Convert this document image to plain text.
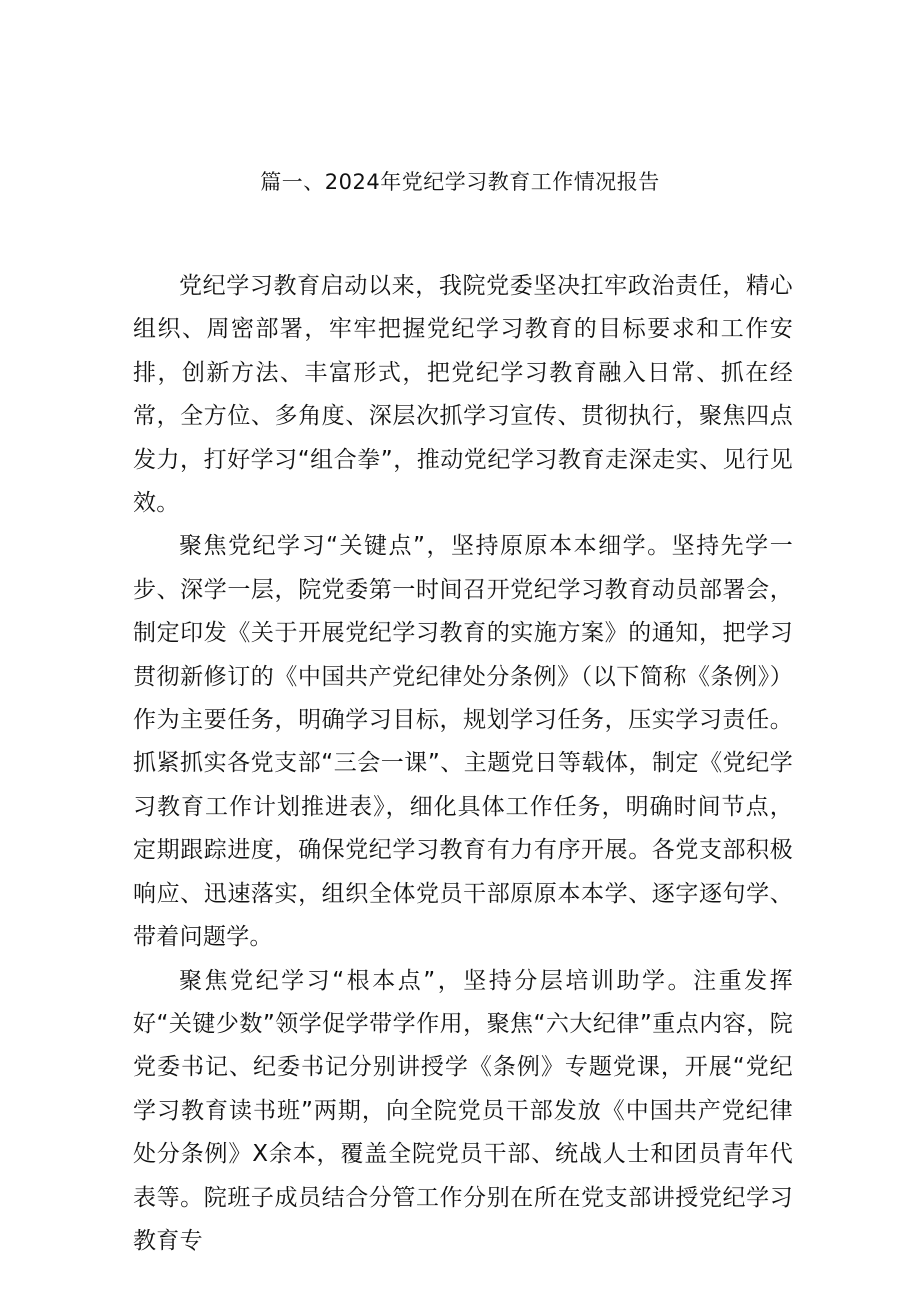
篇一、2024年党纪学习教育工作情况报告

党纪学习教育启动以来，我院党委坚决扛牢政治责任，精心组织、周密部署，牢牢把握党纪学习教育的目标要求和工作安排，创新方法、丰富形式，把党纪学习教育融入日常、抓在经常，全方位、多角度、深层次抓学习宣传、贯彻执行，聚焦四点发力，打好学习“组合拳”，推动党纪学习教育走深走实、见行见效。

聚焦党纪学习“关键点”，坚持原原本本细学。坚持先学一步、深学一层，院党委第一时间召开党纪学习教育动员部署会，制定印发《关于开展党纪学习教育的实施方案》的通知，把学习贯彻新修订的《中国共产党纪律处分条例》（以下简称《条例》）作为主要任务，明确学习目标，规划学习任务，压实学习责任。抓紧抓实各党支部“三会一课”、主题党日等载体，制定《党纪学习教育工作计划推进表》，细化具体工作任务，明确时间节点，定期跟踪进度，确保党纪学习教育有力有序开展。各党支部积极响应、迅速落实，组织全体党员干部原原本本学、逐字逐句学、带着问题学。

聚焦党纪学习“根本点”，坚持分层培训助学。注重发挥好“关键少数”领学促学带学作用，聚焦“六大纪律”重点内容，院党委书记、纪委书记分别讲授学《条例》专题党课，开展“党纪学习教育读书班”两期，向全院党员干部发放《中国共产党纪律处分条例》X余本，覆盖全院党员干部、统战人士和团员青年代表等。院班子成员结合分管工作分别在所在党支部讲授党纪学习教育专
